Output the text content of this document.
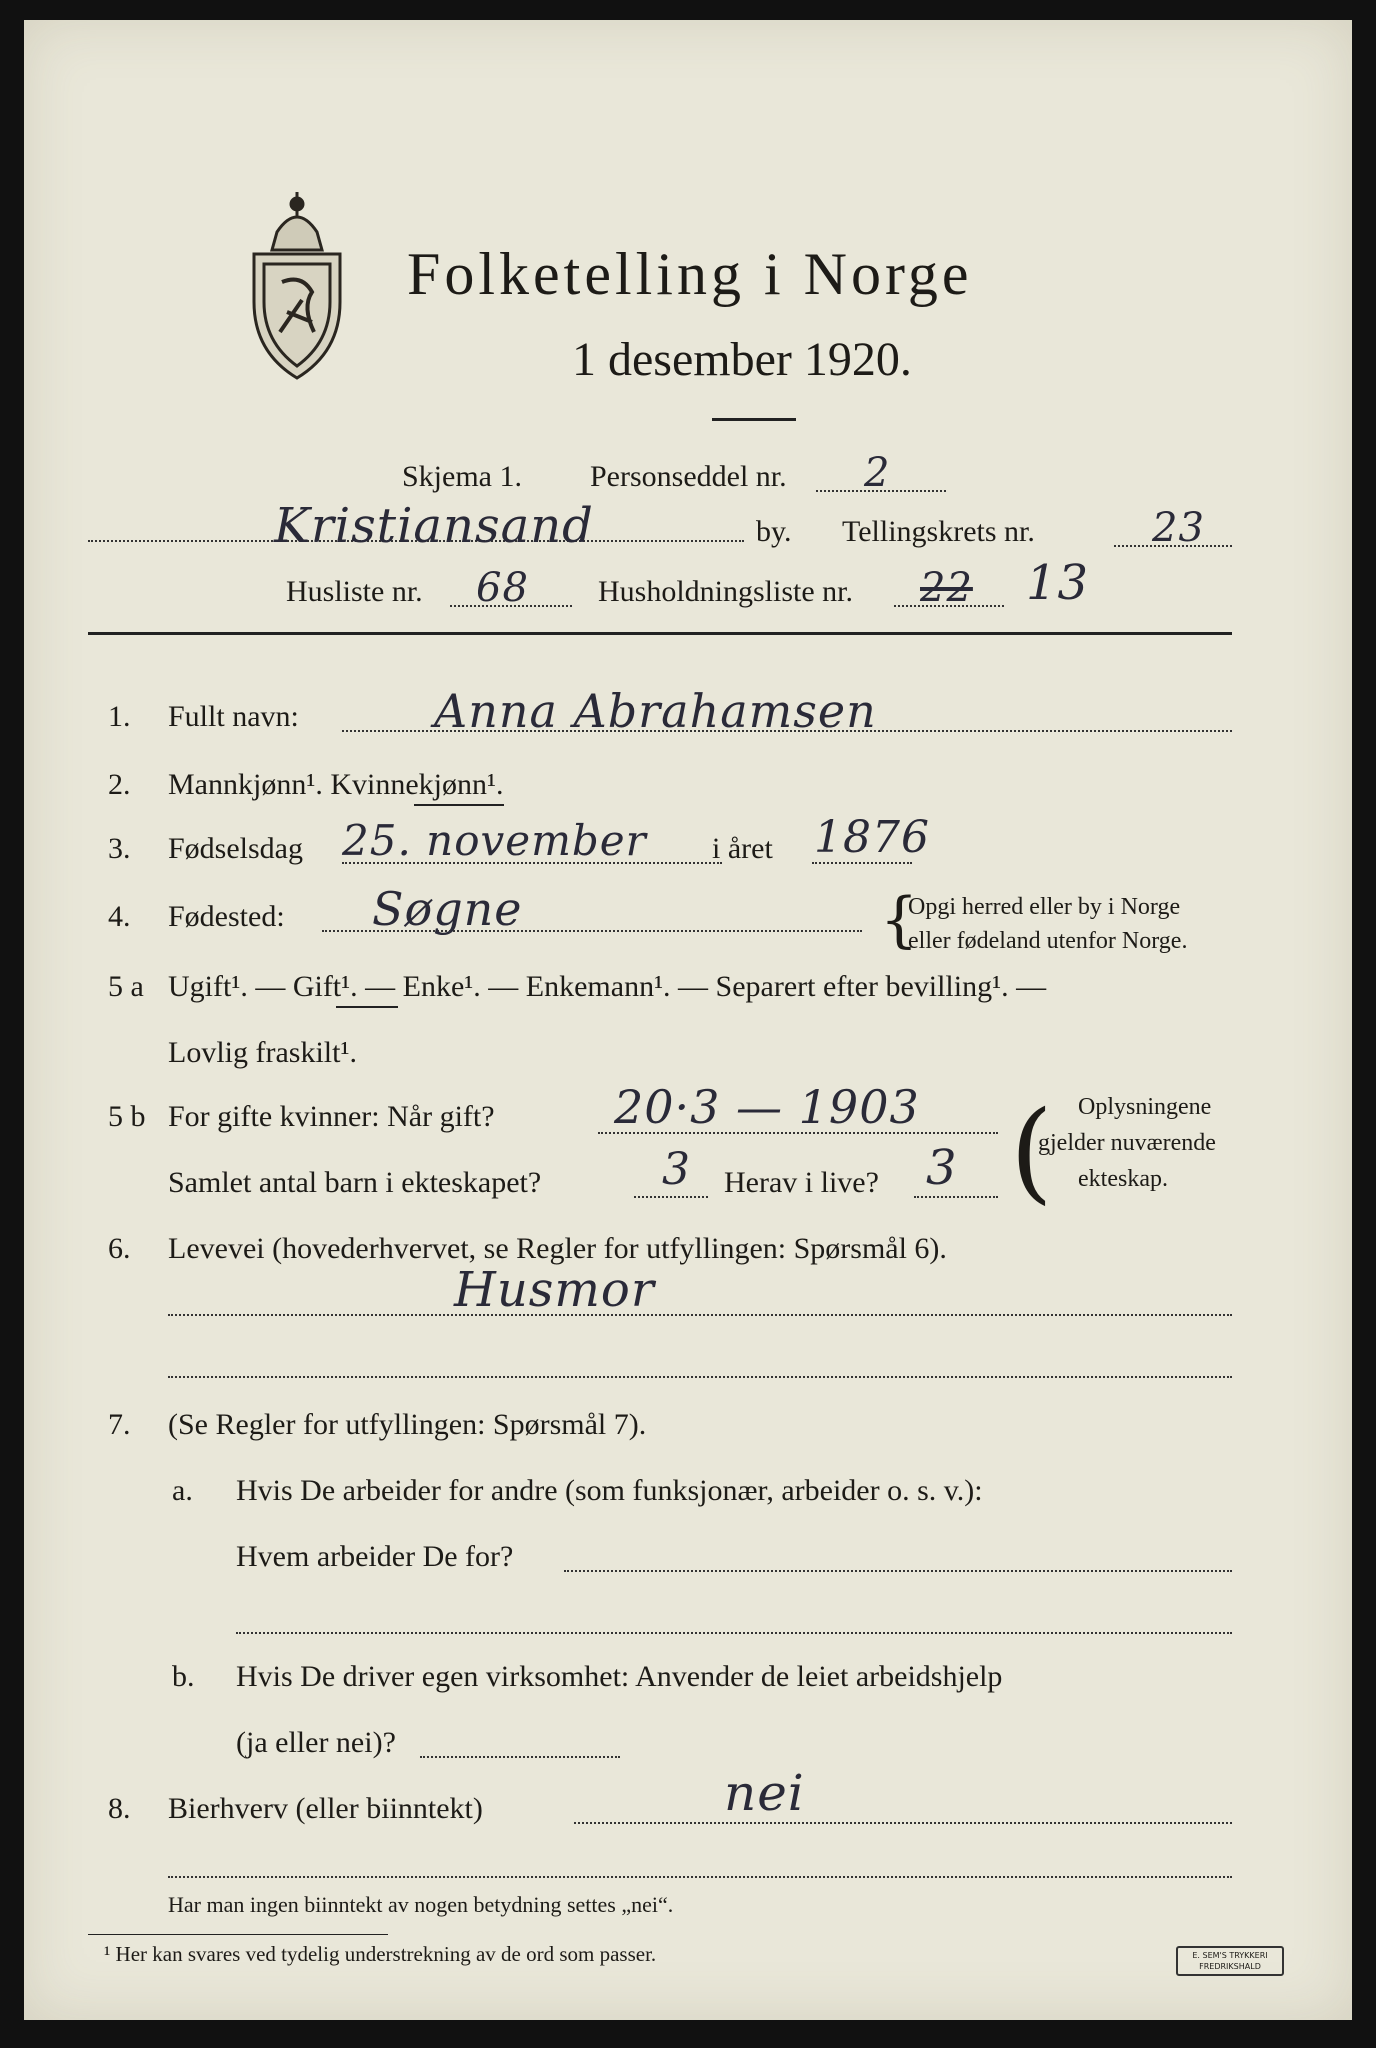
Folketelling i Norge
1 desember 1920.
Skjema 1. Personseddel nr. 2
Kristiansand	by. Tellingskrets nr.	23
Husliste nr. 68 Husholdningsliste nr. 22 13
1. Fullt navn:	Anna Abrahamsen
2. Mannkjønn¹. Kvinnekjønn¹.
3. Fødselsdag 25. november i året 1876
4. Fødested: Søgne	{
Opgi herred eller by i Norge
eller fødeland utenfor Norge.
5 a Ugift¹. — Gift¹. — Enke¹. — Enkemann¹. — Separert efter bevilling¹. —
Lovlig fraskilt¹.
5 b For gifte kvinner: Når gift?	20·3 — 1903
Samlet antal barn i ekteskapet?	3 Herav i live? 3 ( Oplysningene
gjelder nuværende
ekteskap.
6. Levevei (hovederhvervet, se Regler for utfyllingen: Spørsmål 6).
Husmor
7. (Se Regler for utfyllingen: Spørsmål 7).
a. Hvis De arbeider for andre (som funksjonær, arbeider o. s. v.):
Hvem arbeider De for?
b. Hvis De driver egen virksomhet: Anvender de leiet arbeidshjelp
(ja eller nei)?
8. Bierhverv (eller biinntekt)	nei
Har man ingen biinntekt av nogen betydning settes „nei“.
¹ Her kan svares ved tydelig understrekning av de ord som passer.	E. SEM'S TRYKKERI FREDRIKSHALD
